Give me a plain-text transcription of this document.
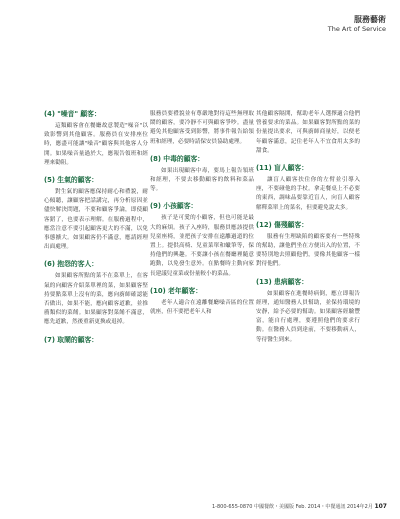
服務藝術
The Art of Service
(4) "噪音" 顧客：

這類顧客會在餐廳故意製造"噪音"以致影響到其他顧客。服務員在安排座位時，應盡可能讓"噪音"顧客與其他客人分開。如果噪音量過於大，應報告領班和經理來勸阻。

(5) 生氣的顧客：

對生氣的顧客應保持耐心和禮貌，耐心傾聽，讓顧客把話講完，再分析原因並儘快解決問題，不要和顧客爭論，即使顧客錯了，也要表示理解。在服務過程中，應當注意不要引起顧客更大的不滿，以免事態擴大。如果顧客仍不滿意，應請經理出面處理。

(6) 抱怨的客人：

如果顧客所點的菜不在菜單上，在客氣的向顧客介紹菜單裡的菜，如果顧客堅持要點菜單上沒有的菜，應向廚師確認能否做出，如果不能，應向顧客道歉，並推薦類似的菜餚。如果顧客對菜餚不滿意，應先道歉，然後重新更換或退掉。

(7) 取鬧的顧客：

服務員要禮貌並有尊嚴地對待這些無理取鬧的顧客，要冷靜不可與顧客爭吵。盡量避免其他顧客受到影響，將事件報告給領班和經理，必要時請保安員協助處理。

(8) 中毒的顧客：

如果出現顧客中毒，要馬上報告領班和經理，不要去移動顧客的飲料和菜品等。

(9) 小孩顧客：

孩子是可愛的小顧客，但也可能是最大的麻煩。孩子入座時，服務員應該提供兒童座椅，並把孩子安排在遠離過道的位置上。提供高椅、兒童菜單和蠟筆等，保持他們的興趣。不要讓小孩在餐廳裡隨意跑動，以免發生意外。在點餐時主動向家長建議兒童菜或份量較小的菜品。

(10) 老年顧客：

老年人適合在遠離餐廳噪音區的位置就座，但不要把老年人和

其他顧客隔開，幫助老年人選擇適合他們營養要求的菜品。如果顧客對所點的菜的份量提出要求，可與廚師商量好，以便老年顧客滿意，記住老年人不宜食用太多的甜食。

(11) 盲人顧客：

讓盲人顧客扶住你的左臂並引導入座，不要碰他的手杖。拿走餐桌上不必要的東西，調味品要靠近盲人，向盲人顧客解釋菜單上的菜名，但要避免說太多。

(12) 傷殘顧客：

服務有生理缺陷的顧客要有一些特殊的幫助，讓他們坐在方便出入的位置，不要特別地去照顧他們，要像其他顧客一樣對待他們。

(13) 患病顧客：

如果顧客在進餐時病倒，應立即報告經理，通知醫務人員幫助，並保持環境的安靜，給予必要的幫助。如果顧客經驗豐富，能自行處理，要遵照他們的要求行動。在醫務人員到達前，不要移動病人，等待醫生到來。

1-800-655-0870 中國餐飲・美國版 Feb. 2014・中餐通訊 2014年2月 107
